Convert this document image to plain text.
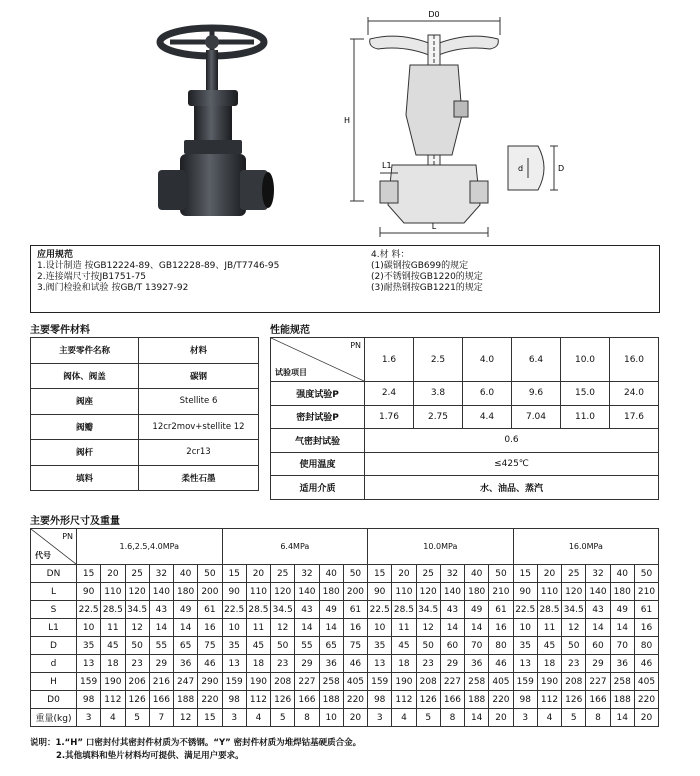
D0
H
L1
L
d	D
应用规范
1.设计制造 按GB12224-89、GB12228-89、JB/T7746-95
2.连接端尺寸按JB1751-75
3.阀门检验和试验 按GB/T 13927-92
4.材 料：
(1)碳钢按GB699的规定
(2)不锈钢按GB1220的规定
(3)耐热钢按GB1221的规定
主要零件材料	性能规范
主要外形尺寸及重量
主要零件名称	材料
阀体、阀盖	碳钢
阀座	Stellite 6
阀瓣	12cr2mov+stellite 12
阀杆	2cr13
填料	柔性石墨
PN
试验项目	1.6	2.5	4.0	6.4	10.0	16.0
强度试验P	2.4	3.8	6.0	9.6	15.0	24.0
密封试验P	1.76	2.75	4.4	7.04	11.0	17.6
气密封试验	0.6					
使用温度	≤425℃					
适用介质	水、油品、蒸汽					
PN
代号	1.6,2.5,4.0MPa						6.4MPa						10.0MPa						16.0MPa					
DN	15	20	25	32	40	50	15	20	25	32	40	50	15	20	25	32	40	50	15	20	25	32	40	50
L	90	110	120	140	180	200	90	110	120	140	180	200	90	110	120	140	180	210	90	110	120	140	180	210
S	22.5	28.5	34.5	43	49	61	22.5	28.5	34.5	43	49	61	22.5	28.5	34.5	43	49	61	22.5	28.5	34.5	43	49	61
L1	10	11	12	14	14	16	10	11	12	14	14	16	10	11	12	14	14	16	10	11	12	14	14	16
D	35	45	50	55	65	75	35	45	50	55	65	75	35	45	50	60	70	80	35	45	50	60	70	80
d	13	18	23	29	36	46	13	18	23	29	36	46	13	18	23	29	36	46	13	18	23	29	36	46
H	159	190	206	216	247	290	159	190	208	227	258	405	159	190	208	227	258	405	159	190	208	227	258	405
D0	98	112	126	166	188	220	98	112	126	166	188	220	98	112	126	166	188	220	98	112	126	166	188	220
重量(kg)	3	4	5	7	12	15	3	4	5	8	10	20	3	4	5	8	14	20	3	4	5	8	14	20
说明：1.“H” 口密封付其密封件材质为不锈钢。“Y” 密封件材质为堆焊钴基硬质合金。
2.其他填料和垫片材料均可提供、满足用户要求。
